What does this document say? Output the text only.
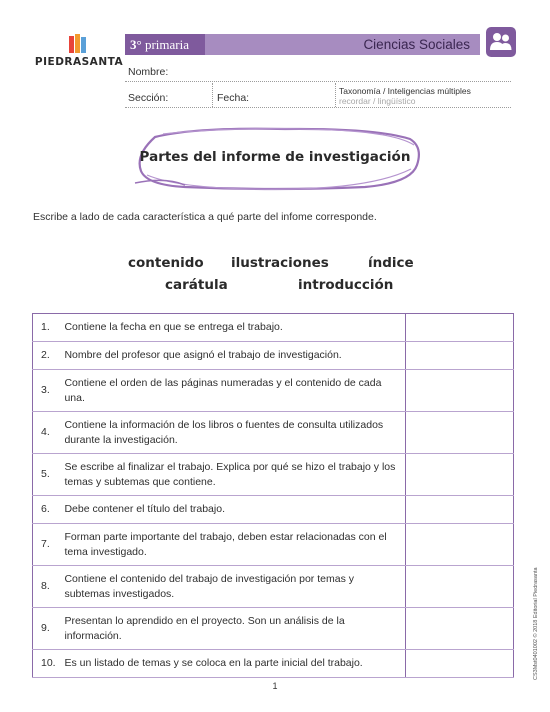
PIEDRASANTA
3° primaria	Ciencias Sociales
Nombre:
Sección:	Fecha:
Taxonomía / Inteligencias múltiples
recordar / lingüístico
Partes del informe de investigación
Escribe a lado de cada característica a qué parte del infome corresponde.
contenido ilustraciones	índice
carátula	introducción
1.	Contiene la fecha en que se entrega el trabajo.	
2.	Nombre del profesor que asignó el trabajo de investigación.	
3.	Contiene el orden de las páginas numeradas y el contenido de cada una.	
4.	Contiene la información de los libros o fuentes de consulta utilizados durante la investigación.	
5.	Se escribe al finalizar el trabajo. Explica por qué se hizo el trabajo y los temas y subtemas que contiene.	
6.	Debe contener el título del trabajo.	
7.	Forman parte importante del trabajo, deben estar relacionadas con el tema investigado.	
8.	Contiene el contenido del trabajo de investigación por temas y subtemas investigados.	
9.	Presentan lo aprendido en el proyecto. Son un análisis de la información.	
10.	Es un listado de temas y se coloca en la parte inicial del trabajo.	
1
CS3Mst0401002 © 2018 Editorial Piedrasanta
